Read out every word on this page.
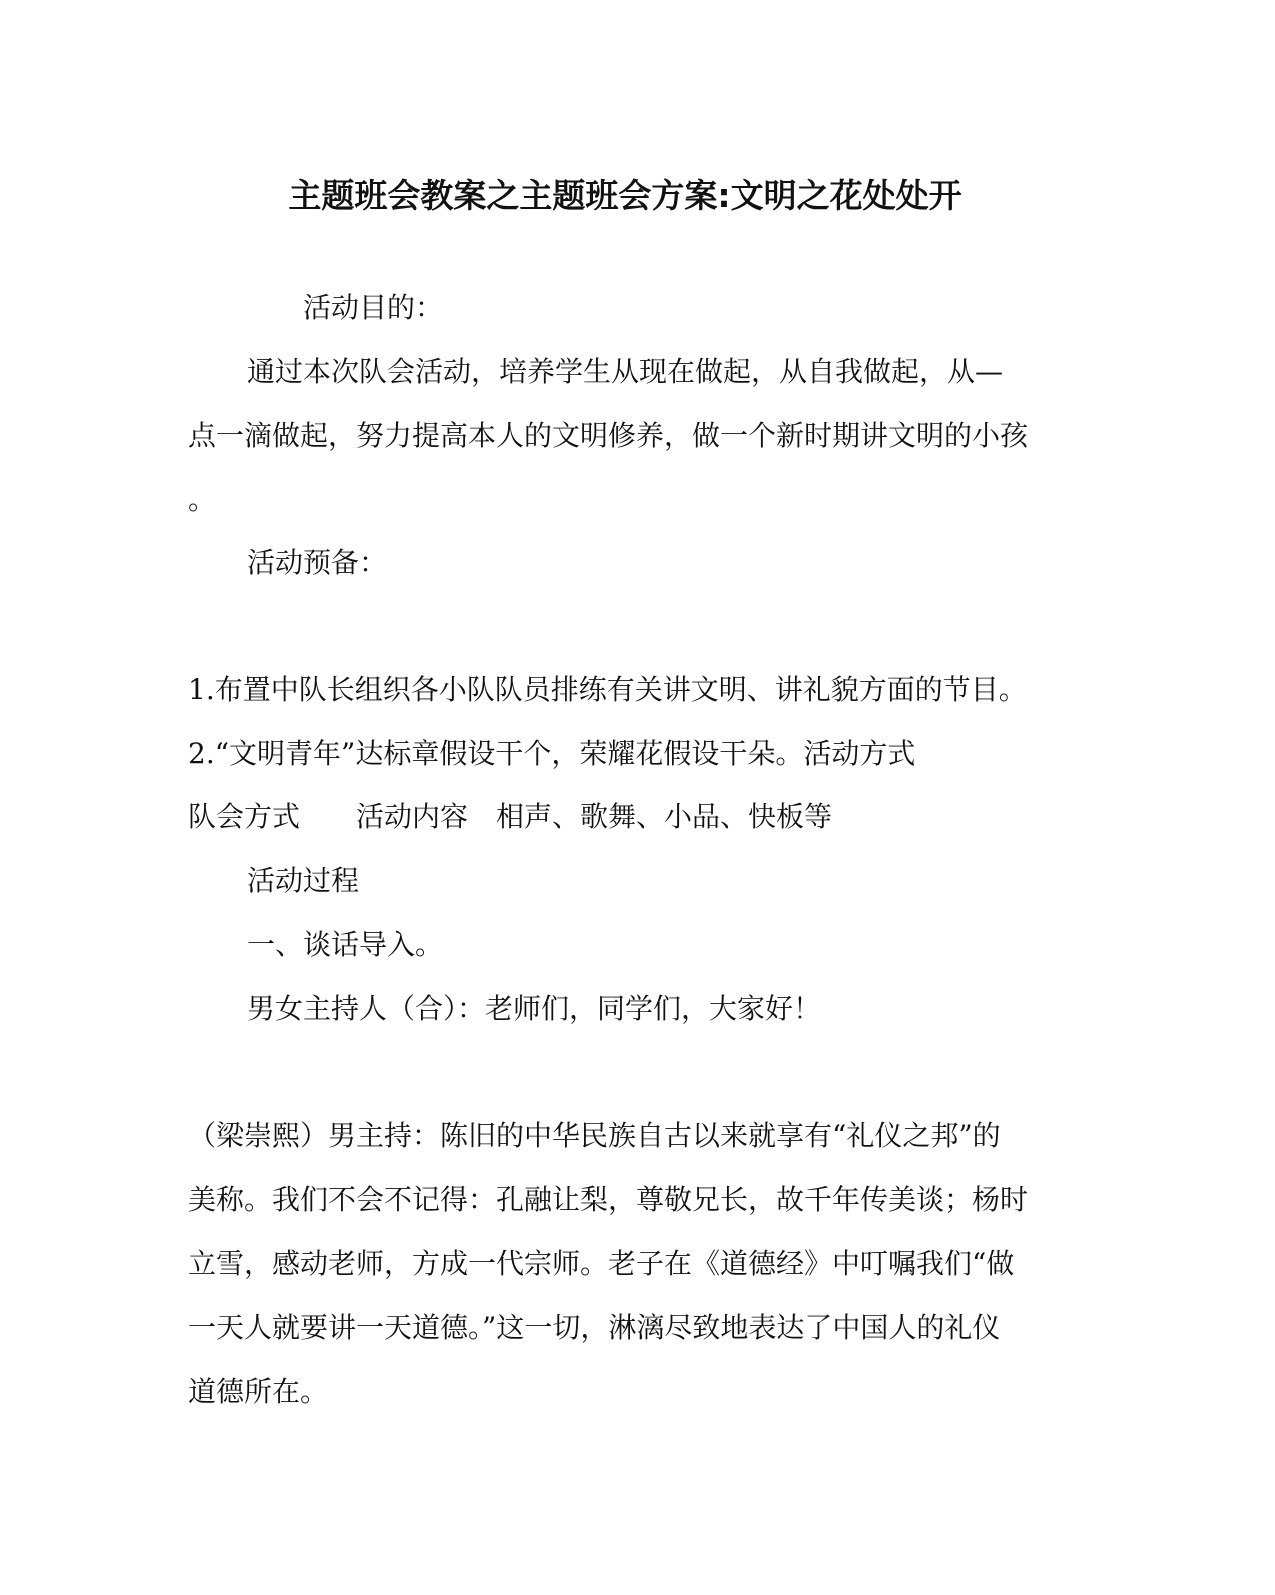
主题班会教案之主题班会方案:文明之花处处开
活动目的：
通过本次队会活动，培养学生从现在做起，从自我做起，从—
点一滴做起，努力提高本人的文明修养，做一个新时期讲文明的小孩
。
活动预备：
1.布置中队长组织各小队队员排练有关讲文明、讲礼貌方面的节目。
2.“文明青年”达标章假设干个，荣耀花假设干朵。活动方式
队会方式　　活动内容　相声、歌舞、小品、快板等
活动过程
一、谈话导入。
男女主持人（合）：老师们，同学们，大家好！
（梁崇熙）男主持：陈旧的中华民族自古以来就享有“礼仪之邦”的
美称。我们不会不记得：孔融让梨，尊敬兄长，故千年传美谈；杨时
立雪，感动老师，方成一代宗师。老子在《道德经》中叮嘱我们“做
一天人就要讲一天道德。”这一切，淋漓尽致地表达了中国人的礼仪
道德所在。
